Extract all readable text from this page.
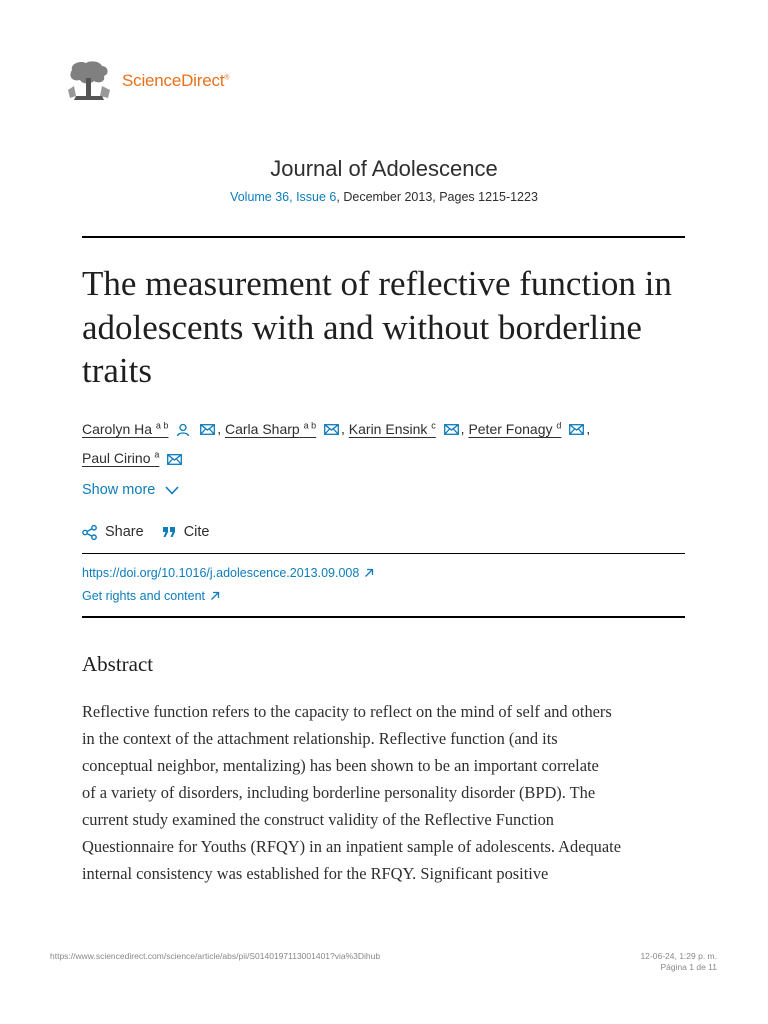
ScienceDirect®
Journal of Adolescence
Volume 36, Issue 6, December 2013, Pages 1215-1223
The measurement of reflective function in adolescents with and without borderline traits
Carolyn Ha $^{a b}$	, Carla Sharp $^{a b}$ , Karin Ensink $^c$ , Peter Fonagy $^d$ ,
Paul Cirino $^a$
Show more
Share	Cite
https://doi.org/10.1016/j.adolescence.2013.09.008
Get rights and content
Abstract
Reflective function refers to the capacity to reflect on the mind of self and others
in the context of the attachment relationship. Reflective function (and its
conceptual neighbor, mentalizing) has been shown to be an important correlate
of a variety of disorders, including borderline personality disorder (BPD). The
current study examined the construct validity of the Reflective Function
Questionnaire for Youths (RFQY) in an inpatient sample of adolescents. Adequate
internal consistency was established for the RFQY. Significant positive
https://www.sciencedirect.com/science/article/abs/pii/S0140197113001401?via%3Dihub	12-06-24, 1:29 p. m.
Página 1 de 11
